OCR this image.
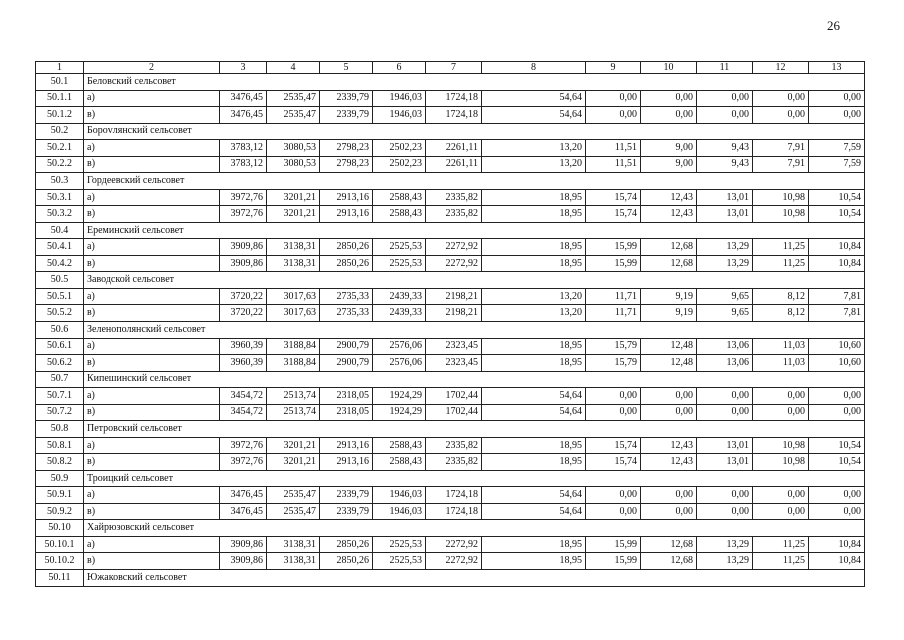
26
1	2	3	4	5	6	7	8	9	10	11	12	13
50.1	Беловский сельсовет											
50.1.1	а)	3476,45	2535,47	2339,79	1946,03	1724,18	54,64	0,00	0,00	0,00	0,00	0,00
50.1.2	в)	3476,45	2535,47	2339,79	1946,03	1724,18	54,64	0,00	0,00	0,00	0,00	0,00
50.2	Борovлянский сельсовет											
50.2.1	а)	3783,12	3080,53	2798,23	2502,23	2261,11	13,20	11,51	9,00	9,43	7,91	7,59
50.2.2	в)	3783,12	3080,53	2798,23	2502,23	2261,11	13,20	11,51	9,00	9,43	7,91	7,59
50.3	Гордеевский сельсовет											
50.3.1	а)	3972,76	3201,21	2913,16	2588,43	2335,82	18,95	15,74	12,43	13,01	10,98	10,54
50.3.2	в)	3972,76	3201,21	2913,16	2588,43	2335,82	18,95	15,74	12,43	13,01	10,98	10,54
50.4	Ереминский сельсовет											
50.4.1	а)	3909,86	3138,31	2850,26	2525,53	2272,92	18,95	15,99	12,68	13,29	11,25	10,84
50.4.2	в)	3909,86	3138,31	2850,26	2525,53	2272,92	18,95	15,99	12,68	13,29	11,25	10,84
50.5	Заводской сельсовет											
50.5.1	а)	3720,22	3017,63	2735,33	2439,33	2198,21	13,20	11,71	9,19	9,65	8,12	7,81
50.5.2	в)	3720,22	3017,63	2735,33	2439,33	2198,21	13,20	11,71	9,19	9,65	8,12	7,81
50.6	Зеленополянский сельсовет											
50.6.1	а)	3960,39	3188,84	2900,79	2576,06	2323,45	18,95	15,79	12,48	13,06	11,03	10,60
50.6.2	в)	3960,39	3188,84	2900,79	2576,06	2323,45	18,95	15,79	12,48	13,06	11,03	10,60
50.7	Кипешинский сельсовет											
50.7.1	а)	3454,72	2513,74	2318,05	1924,29	1702,44	54,64	0,00	0,00	0,00	0,00	0,00
50.7.2	в)	3454,72	2513,74	2318,05	1924,29	1702,44	54,64	0,00	0,00	0,00	0,00	0,00
50.8	Петровский сельсовет											
50.8.1	а)	3972,76	3201,21	2913,16	2588,43	2335,82	18,95	15,74	12,43	13,01	10,98	10,54
50.8.2	в)	3972,76	3201,21	2913,16	2588,43	2335,82	18,95	15,74	12,43	13,01	10,98	10,54
50.9	Троицкий сельсовет											
50.9.1	а)	3476,45	2535,47	2339,79	1946,03	1724,18	54,64	0,00	0,00	0,00	0,00	0,00
50.9.2	в)	3476,45	2535,47	2339,79	1946,03	1724,18	54,64	0,00	0,00	0,00	0,00	0,00
50.10	Хайрюзовский сельсовет											
50.10.1	а)	3909,86	3138,31	2850,26	2525,53	2272,92	18,95	15,99	12,68	13,29	11,25	10,84
50.10.2	в)	3909,86	3138,31	2850,26	2525,53	2272,92	18,95	15,99	12,68	13,29	11,25	10,84
50.11	Южаковский сельсовет											
